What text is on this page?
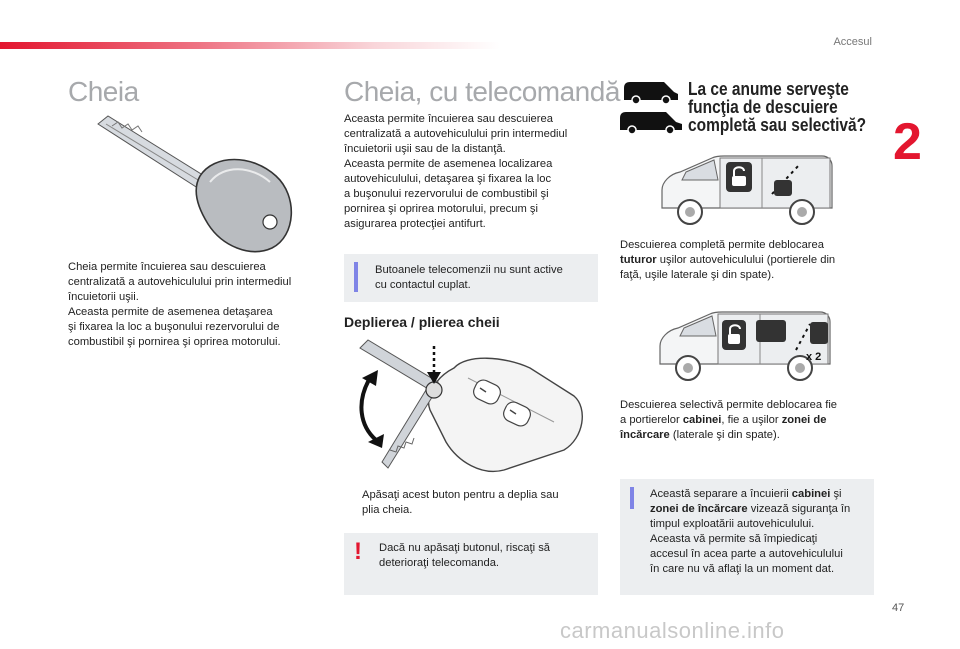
Accesul
2
Cheia
Cheia permite încuierea sau descuierea
centralizată a autovehiculului prin intermediul
încuietorii uşii.
Aceasta permite de asemenea detaşarea
şi fixarea la loc a buşonului rezervorului de
combustibil şi pornirea şi oprirea motorului.
Cheia, cu telecomandă
Aceasta permite încuierea sau descuierea
centralizată a autovehiculului prin intermediul
încuietorii uşii sau de la distanţă.
Aceasta permite de asemenea localizarea
autovehiculului, detaşarea şi fixarea la loc
a buşonului rezervorului de combustibil şi
pornirea şi oprirea motorului, precum şi
asigurarea protecţiei antifurt.
Butoanele telecomenzii nu sunt active
cu contactul cuplat.
Deplierea / plierea cheii
Apăsaţi acest buton pentru a deplia sau
plia cheia.
! Dacă nu apăsaţi butonul, riscaţi să
deterioraţi telecomanda.
La ce anume serveşte
funcţia de descuiere
completă sau selectivă?
Descuierea completă permite deblocarea
tuturor uşilor autovehiculului (portierele din
faţă, uşile laterale şi din spate).
x 2
Descuierea selectivă permite deblocarea fie
a portierelor cabinei, fie a uşilor zonei de
încărcare (laterale şi din spate).
Această separare a încuierii cabinei şi
zonei de încărcare vizează siguranţa în
timpul exploatării autovehiculului.
Aceasta vă permite să împiedicaţi
accesul în acea parte a autovehiculului
în care nu vă aflaţi la un moment dat.
47
carmanualsonline.info
